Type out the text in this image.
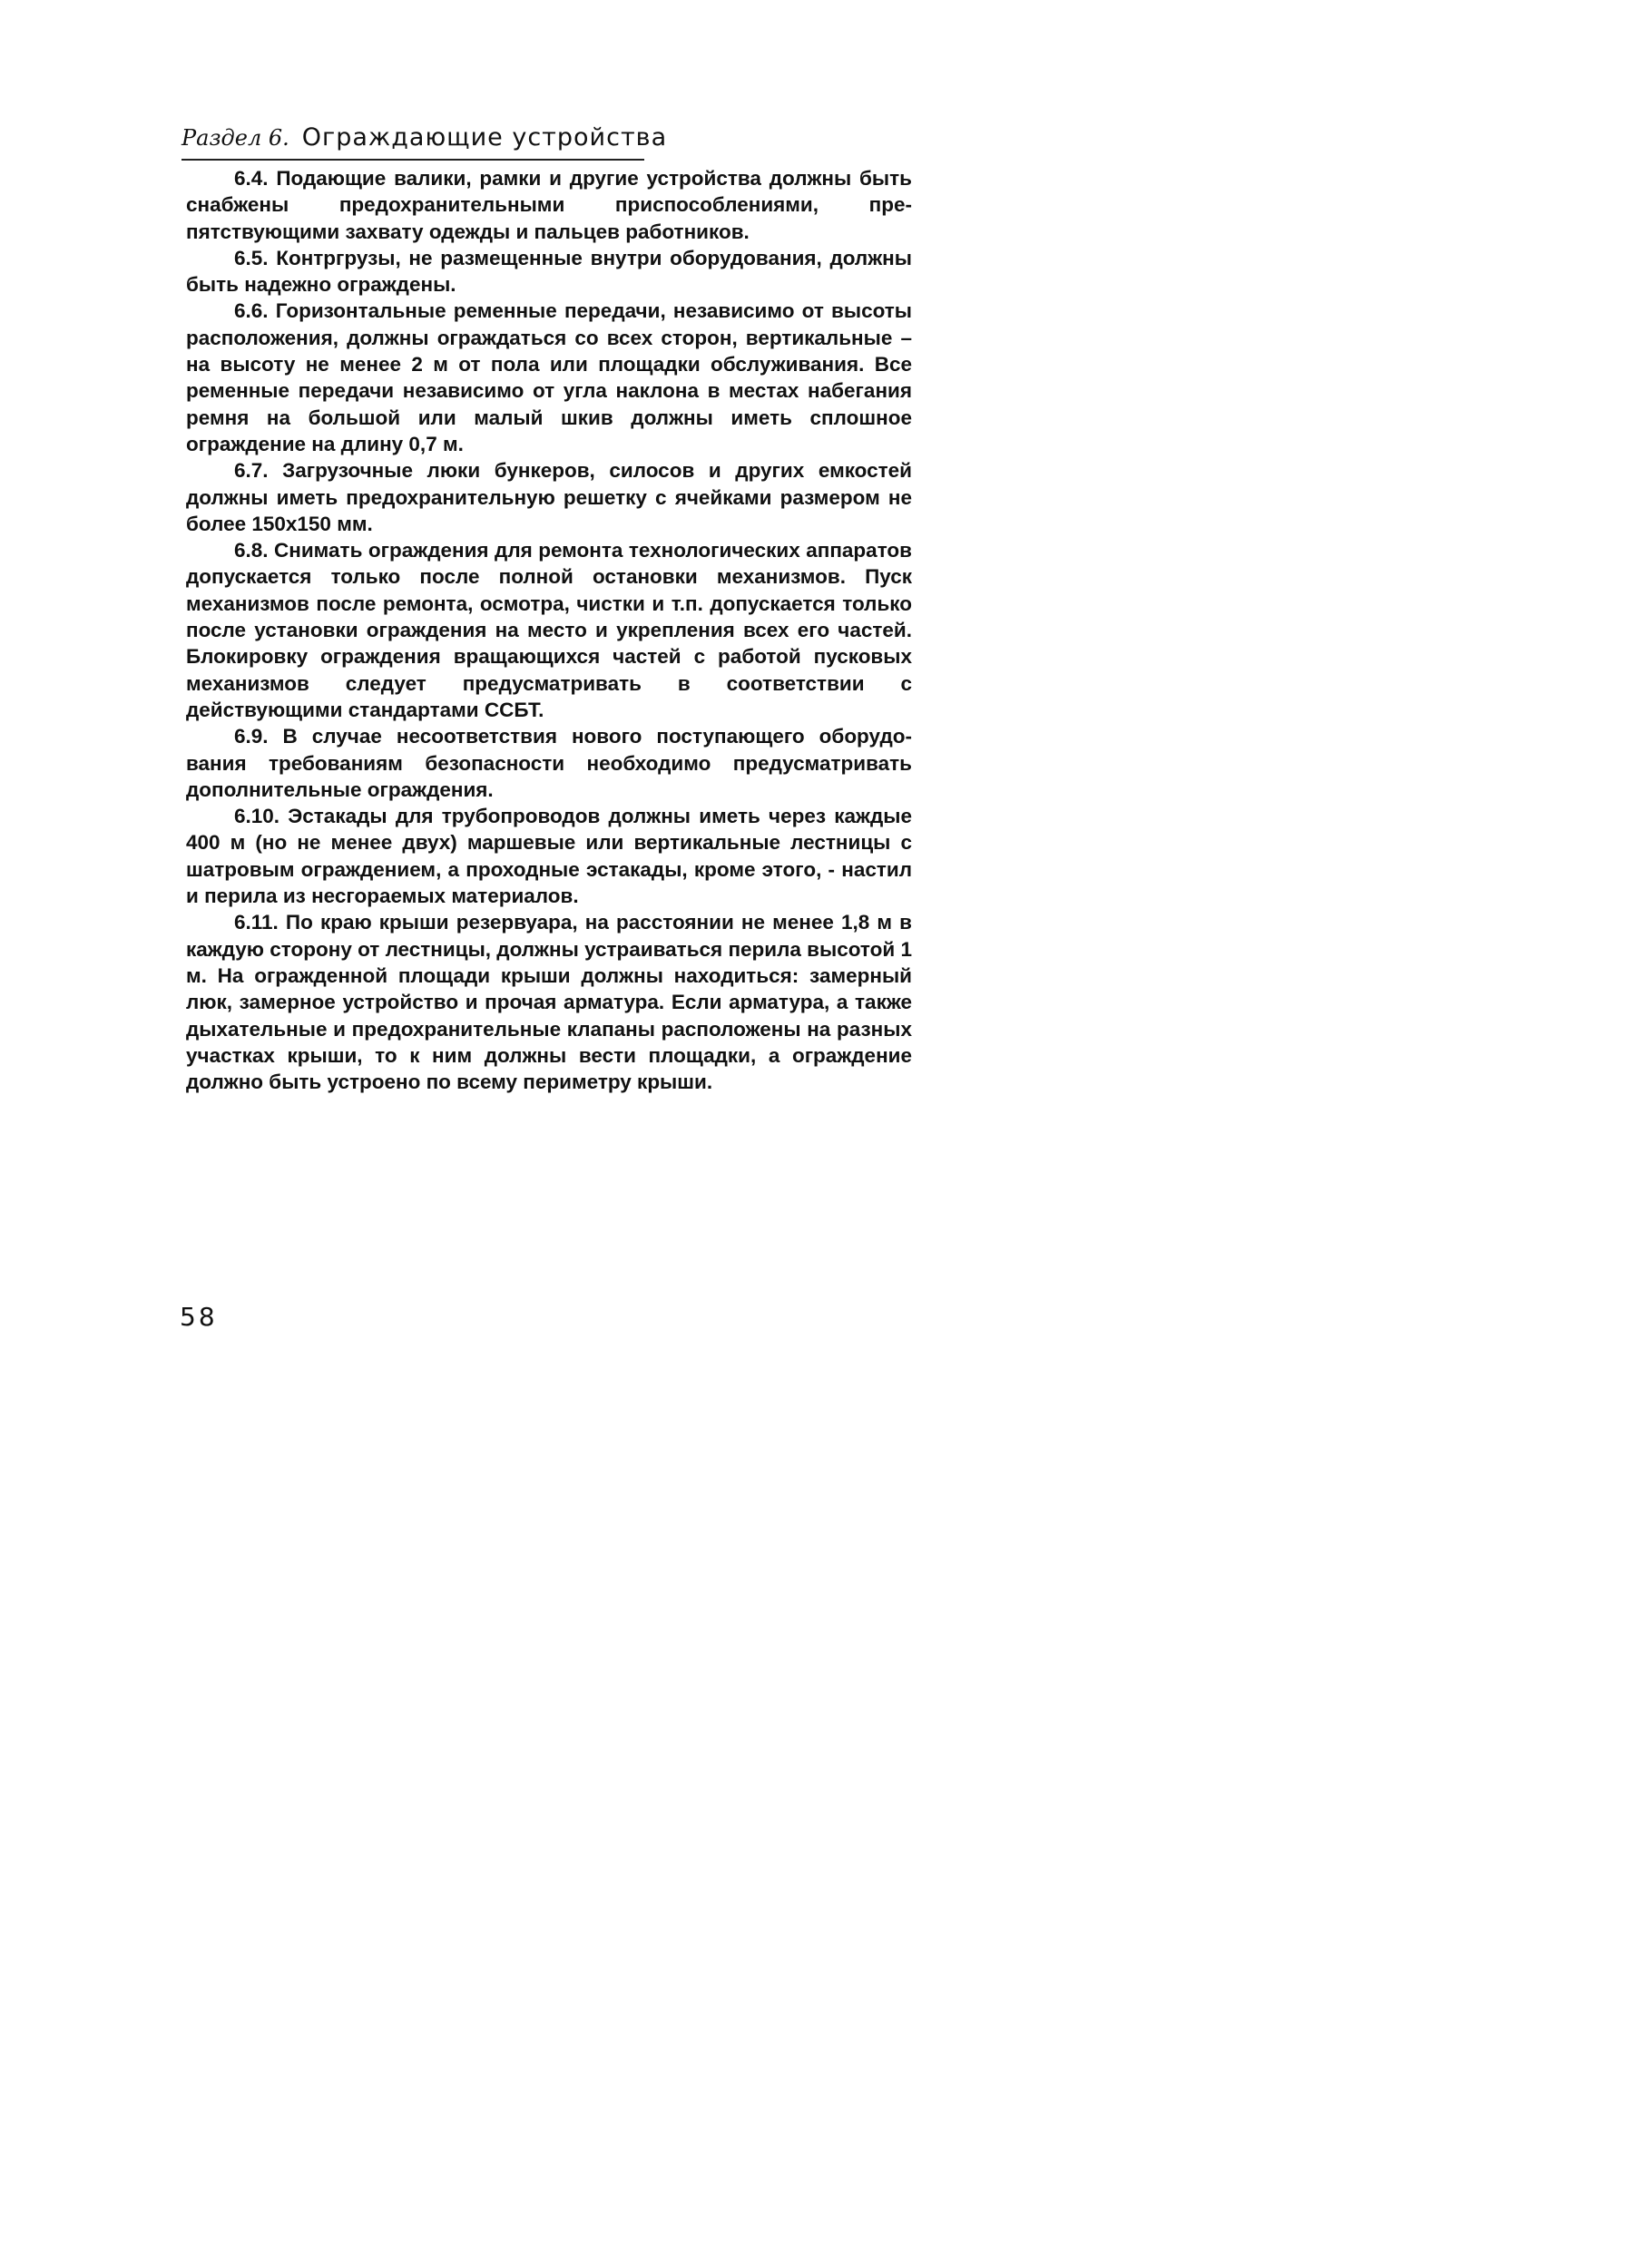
Раздел 6. Ограждающие устройства

6.4. Подающие валики, рамки и другие устройства должны быть снабжены предохранительными приспособлениями, препятствующими захвату одежды и пальцев работников.

6.5. Контргрузы, не размещенные внутри оборудования, должны быть надежно ограждены.

6.6. Горизонтальные ременные передачи, независимо от высоты расположения, должны ограждаться со всех сторон, вертикальные – на высоту не менее 2 м от пола или площадки обслуживания. Все ременные передачи независимо от угла наклона в местах набегания ремня на большой или малый шкив должны иметь сплошное ограждение на длину 0,7 м.

6.7. Загрузочные люки бункеров, силосов и других емкостей должны иметь предохранительную решетку с ячейками размером не более 150х150 мм.

6.8. Снимать ограждения для ремонта технологических аппаратов допускается только после полной остановки механизмов. Пуск механизмов после ремонта, осмотра, чистки и т.п. допускается только после установки ограждения на место и укрепления всех его частей. Блокировку ограждения вращающихся частей с работой пусковых механизмов следует предусматривать в соответствии с действующими стандартами ССБТ.

6.9. В случае несоответствия нового поступающего оборудования требованиям безопасности необходимо предусматривать дополнительные ограждения.

6.10. Эстакады для трубопроводов должны иметь через каждые 400 м (но не менее двух) маршевые или вертикальные лестницы с шатровым ограждением, а проходные эстакады, кроме этого, - настил и перила из несгораемых материалов.

6.11. По краю крыши резервуара, на расстоянии не менее 1,8 м в каждую сторону от лестницы, должны устраиваться перила высотой 1 м. На огражденной площади крыши должны находиться: замерный люк, замерное устройство и прочая арматура. Если арматура, а также дыхательные и предохранительные клапаны расположены на разных участках крыши, то к ним должны вести площадки, а ограждение должно быть устроено по всему периметру крыши.

58
